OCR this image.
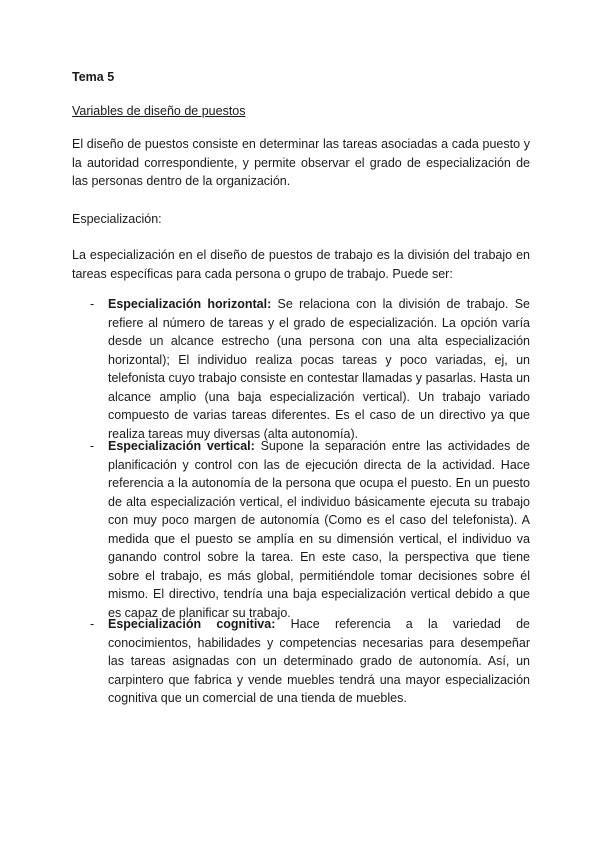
Tema 5
Variables de diseño de puestos
El diseño de puestos consiste en determinar las tareas asociadas a cada puesto y la autoridad correspondiente, y permite observar el grado de especialización de las personas dentro de la organización.
Especialización:
La especialización en el diseño de puestos de trabajo es la división del trabajo en tareas específicas para cada persona o grupo de trabajo. Puede ser:
- Especialización horizontal: Se relaciona con la división de trabajo. Se refiere al número de tareas y el grado de especialización. La opción varía desde un alcance estrecho (una persona con una alta especialización horizontal); El individuo realiza pocas tareas y poco variadas, ej, un telefonista cuyo trabajo consiste en contestar llamadas y pasarlas. Hasta un alcance amplio (una baja especialización vertical). Un trabajo variado compuesto de varias tareas diferentes. Es el caso de un directivo ya que realiza tareas muy diversas (alta autonomía).
- Especialización vertical: Supone la separación entre las actividades de planificación y control con las de ejecución directa de la actividad. Hace referencia a la autonomía de la persona que ocupa el puesto. En un puesto de alta especialización vertical, el individuo básicamente ejecuta su trabajo con muy poco margen de autonomía (Como es el caso del telefonista). A medida que el puesto se amplía en su dimensión vertical, el individuo va ganando control sobre la tarea. En este caso, la perspectiva que tiene sobre el trabajo, es más global, permitiéndole tomar decisiones sobre él mismo. El directivo, tendría una baja especialización vertical debido a que es capaz de planificar su trabajo.
- Especialización cognitiva: Hace referencia a la variedad de conocimientos, habilidades y competencias necesarias para desempeñar las tareas asignadas con un determinado grado de autonomía. Así, un carpintero que fabrica y vende muebles tendrá una mayor especialización cognitiva que un comercial de una tienda de muebles.
